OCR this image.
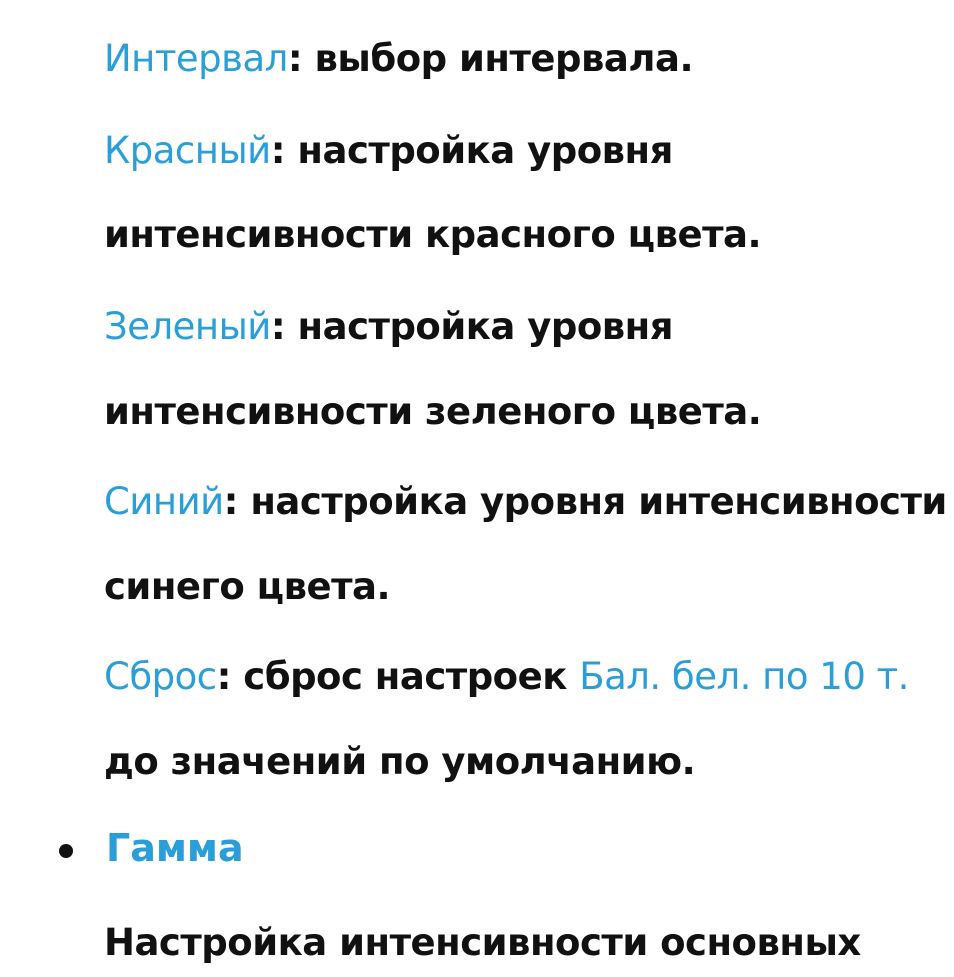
Интервал: выбор интервала.
Красный: настройка уровня
интенсивности красного цвета.
Зеленый: настройка уровня
интенсивности зеленого цвета.
Синий: настройка уровня интенсивности
синего цвета.
Сброс: сброс настроек Бал. бел. по 10 т.
до значений по умолчанию.
Гамма
Настройка интенсивности основных
